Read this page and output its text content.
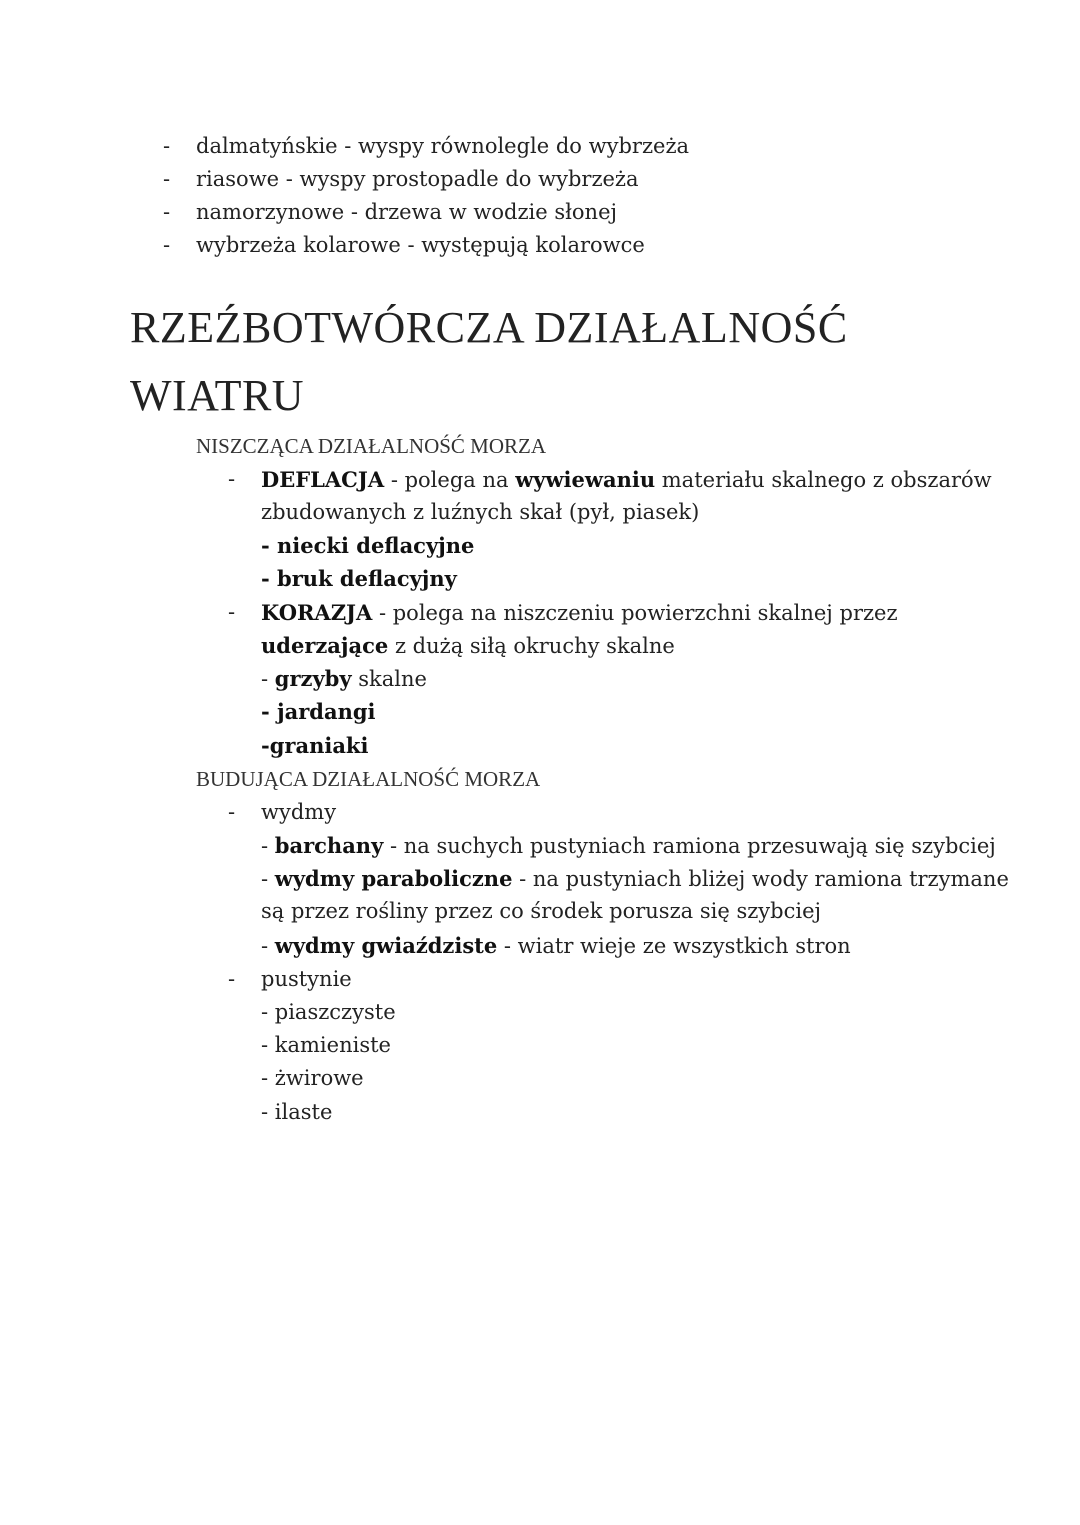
- dalmatyńskie - wyspy równolegle do wybrzeża
- riasowe - wyspy prostopadle do wybrzeża
- namorzynowe - drzewa w wodzie słonej
- wybrzeża kolarowe - występują kolarowce
RZEŹBOTWÓRCZA DZIAŁALNOŚĆ
WIATRU
NISZCZĄCA DZIAŁALNOŚĆ MORZA
- DEFLACJA - polega na wywiewaniu materiału skalnego z obszarów
zbudowanych z luźnych skał (pył, piasek)
- niecki deflacyjne
- bruk deflacyjny
- KORAZJA - polega na niszczeniu powierzchni skalnej przez
uderzające z dużą siłą okruchy skalne
- grzyby skalne
- jardangi
-graniaki
BUDUJĄCA DZIAŁALNOŚĆ MORZA
- wydmy
- barchany - na suchych pustyniach ramiona przesuwają się szybciej
- wydmy paraboliczne - na pustyniach bliżej wody ramiona trzymane
są przez rośliny przez co środek porusza się szybciej
- wydmy gwiaździste - wiatr wieje ze wszystkich stron
- pustynie
- piaszczyste
- kamieniste
- żwirowe
- ilaste
